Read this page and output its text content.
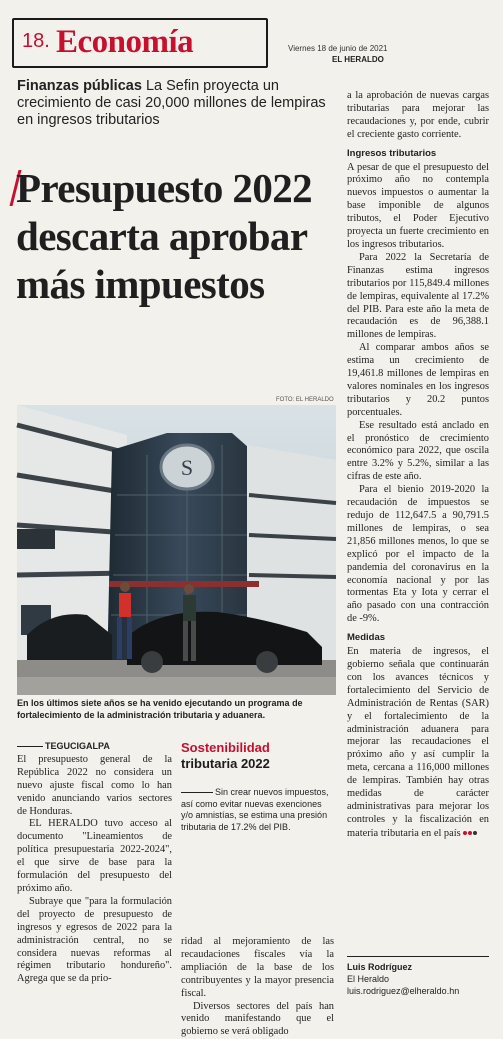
18. Economía	Viernes 18 de junio de 2021
EL HERALDO
Finanzas públicas La Sefin proyecta un crecimiento de casi 20,000 millones de lempiras en ingresos tributarios
Presupuesto 2022 descarta aprobar más impuestos
FOTO: EL HERALDO
S
En los últimos siete años se ha venido ejecutando un programa de fortalecimiento de la administración tributaria y aduanera.

TEGUCIGALPA

El presupuesto general de la República 2022 no considera un nuevo ajuste fiscal como lo han venido anunciando varios sectores de Honduras.

EL HERALDO tuvo acceso al documento "Lineamientos de política presupuestaria 2022-2024", el que sirve de base para la formulación del presupuesto del próximo año.

Subraye que "para la formulación del proyecto de presupuesto de ingresos y egresos de 2022 para la administración central, no se considera nuevas reformas al régimen tributario hondureño". Agrega que se da prio-

Sostenibilidad
tributaria 2022
Sin crear nuevos impuestos, así como evitar nuevas exenciones y/o amnistías, se estima una presión tributaria de 17.2% del PIB.

ridad al mejoramiento de las recaudaciones fiscales vía la ampliación de la base de los contribuyentes y la mayor presencia fiscal.

Diversos sectores del país han venido manifestando que el gobierno se verá obligado

a la aprobación de nuevas cargas tributarias para mejorar las recaudaciones y, por ende, cubrir el creciente gasto corriente.

Ingresos tributarios

A pesar de que el presupuesto del próximo año no contempla nuevos impuestos o aumentar la base imponible de algunos tributos, el Poder Ejecutivo proyecta un fuerte crecimiento en los ingresos tributarios.

Para 2022 la Secretaría de Finanzas estima ingresos tributarios por 115,849.4 millones de lempiras, equivalente al 17.2% del PIB. Para este año la meta de recaudación es de 96,388.1 millones de lempiras.

Al comparar ambos años se estima un crecimiento de 19,461.8 millones de lempiras en valores nominales en los ingresos tributarios y 20.2 puntos porcentuales.

Ese resultado está anclado en el pronóstico de crecimiento económico para 2022, que oscila entre 3.2% y 5.2%, similar a las cifras de este año.

Para el bienio 2019-2020 la recaudación de impuestos se redujo de 112,647.5 a 90,791.5 millones de lempiras, o sea 21,856 millones menos, lo que se explicó por el impacto de la pandemia del coronavirus en la economía nacional y por las tormentas Eta y Iota y cerrar el año pasado con una contracción de -9%.

Medidas

En materia de ingresos, el gobierno señala que continuarán con los avances técnicos y fortalecimiento del Servicio de Administración de Rentas (SAR) y el fortalecimiento de la administración aduanera para mejorar las recaudaciones el próximo año y así cumplir la meta, cercana a 116,000 millones de lempiras. También hay otras medidas de carácter administrativas para mejorar los controles y la fiscalización en materia tributaria en el país

Luis Rodríguez
El Heraldo
luis.rodriguez@elheraldo.hn
